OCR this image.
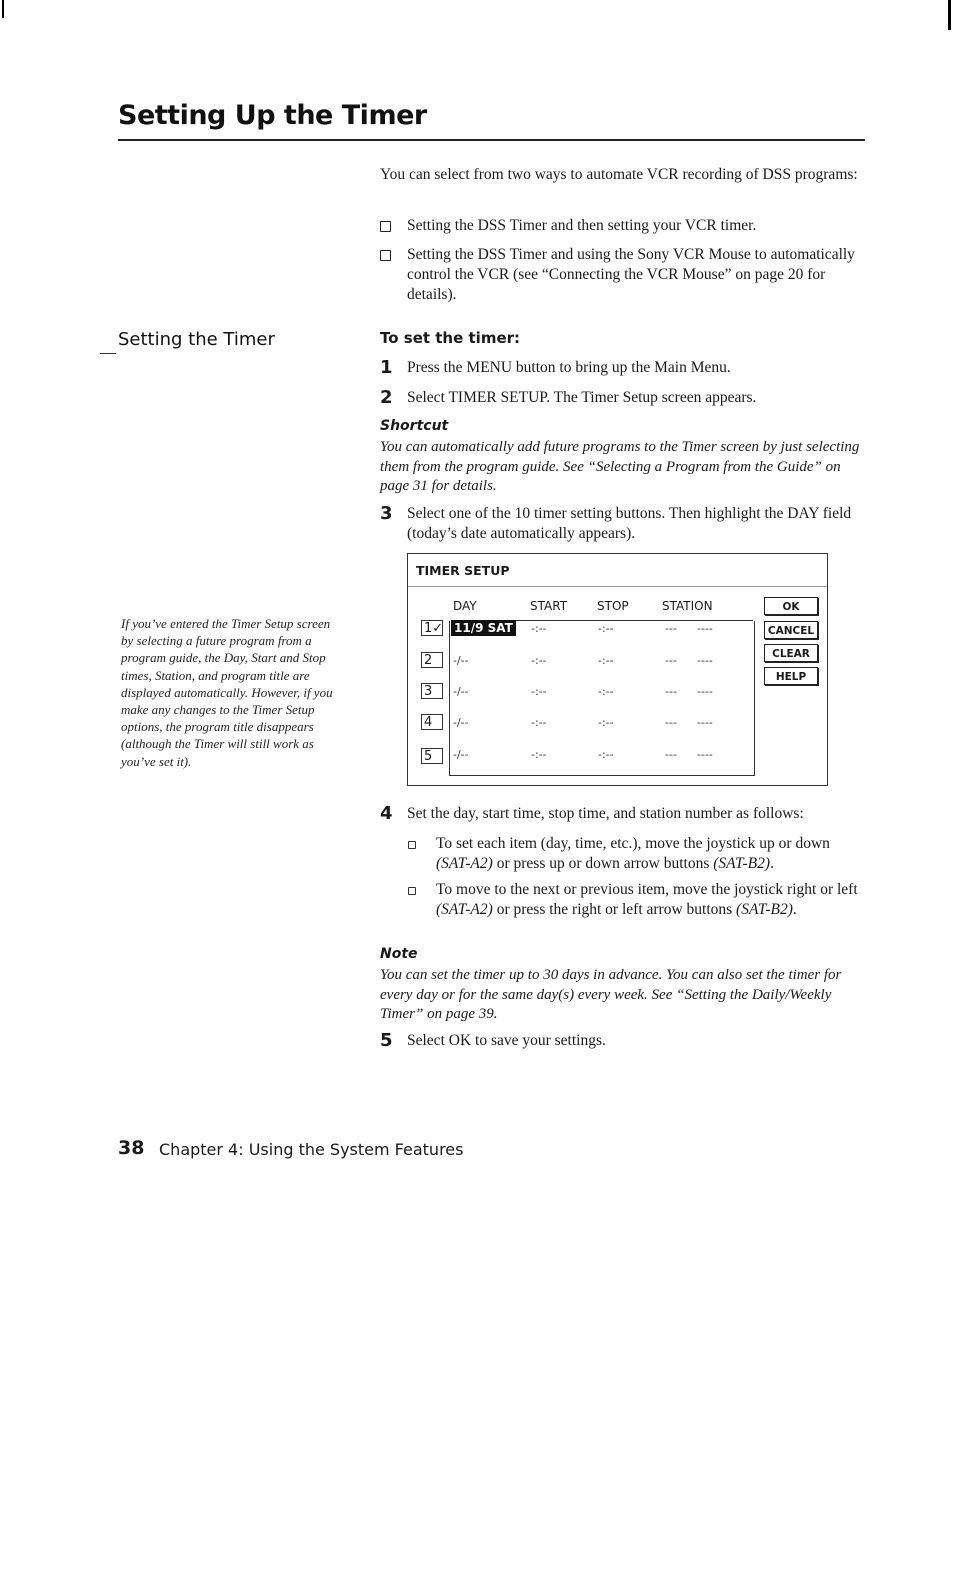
Setting Up the Timer
You can select from two ways to automate VCR recording of DSS programs:
Setting the DSS Timer and then setting your VCR timer.
Setting the DSS Timer and using the Sony VCR Mouse to automatically control the VCR (see “Connecting the VCR Mouse” on page 20 for details).
Setting the Timer	To set the timer:
1 Press the MENU button to bring up the Main Menu.
2 Select TIMER SETUP. The Timer Setup screen appears.
Shortcut
You can automatically add future programs to the Timer screen by just selecting them from the program guide. See “Selecting a Program from the Guide” on page 31 for details.
3 Select one of the 10 timer setting buttons. Then highlight the DAY field (today’s date automatically appears).
If you’ve entered the Timer Setup screen by selecting a future program from a program guide, the Day, Start and Stop times, Station, and program title are displayed automatically. However, if you make any changes to the Timer Setup options, the program title disappears (although the Timer will still work as you’ve set it).
TIMER SETUP
DAY	START STOP	STATION
1✓ 11/9 SAT -:--	-:--	--- ----
2	-/--	-:--	-:--	--- ----
3	-/--	-:--	-:--	--- ----
4	-/--	-:--	-:--	--- ----
5	-/--	-:--	-:--	--- ----
OK
CANCEL
CLEAR
HELP
4 Set the day, start time, stop time, and station number as follows:
To set each item (day, time, etc.), move the joystick up or down (SAT-A2) or press up or down arrow buttons (SAT-B2).
To move to the next or previous item, move the joystick right or left (SAT-A2) or press the right or left arrow buttons (SAT-B2).
Note
You can set the timer up to 30 days in advance. You can also set the timer for every day or for the same day(s) every week. See “Setting the Daily/Weekly Timer” on page 39.
5 Select OK to save your settings.
38 Chapter 4: Using the System Features
